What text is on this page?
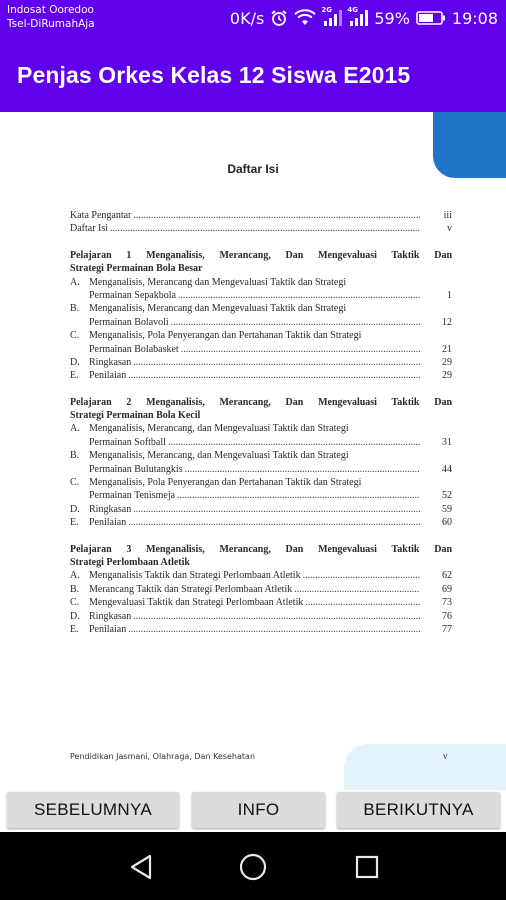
Indosat Ooredoo
Tsel-DiRumahAja	0K/s	2G 4G 59%	19:08
Penjas Orkes Kelas 12 Siswa E2015
Daftar Isi
Kata Pengantar .....	iii
Daftar Isi .....	v
Pelajaran 1 Menganalisis, Merancang, Dan Mengevaluasi Taktik Dan
Strategi Permainan Bola Besar
A. Menganalisis, Merancang dan Mengevaluasi Taktik dan Strategi
Permainan Sepakbola .....	1
B. Menganalisis, Merancang dan Mengevaluasi Taktik dan Strategi
Permainan Bolavoli .....	12
C. Menganalisis, Pola Penyerangan dan Pertahanan Taktik dan Strategi
Permainan Bolabasket .....	21
D. Ringkasan .....	29
E.	Penilaian .....	29
Pelajaran 2 Menganalisis, Merancang, Dan Mengevaluasi Taktik Dan
Strategi Permainan Bola Kecil
A. Menganalisis, Merancang, dan Mengevaluasi Taktik dan Strategi
Permainan Softball .....	31
B. Menganalisis, Merancang, dan Mengevaluasi Taktik dan Strategi
Permainan Bulutangkis .....	44
C. Menganalisis, Pola Penyerangan dan Pertahanan Taktik dan Strategi
Permainan Tenismeja .....	52
D. Ringkasan .....	59
E.	Penilaian .....	60
Pelajaran 3 Menganalisis, Merancang, Dan Mengevaluasi Taktik Dan
Strategi Perlombaan Atletik
A. Menganalisis Taktik dan Strategi Perlombaan Atletik .....	62
B. Merancang Taktik dan Strategi Perlombaan Atletik .....	69
C. Mengevaluasi Taktik dan Strategi Perlombaan Atletik .....	73
D. Ringkasan .....	76
E.	Penilaian .....	77
Pendidikan Jasmani, Olahraga, Dan Kesehatan	v
SEBELUMNYA	INFO	BERIKUTNYA
